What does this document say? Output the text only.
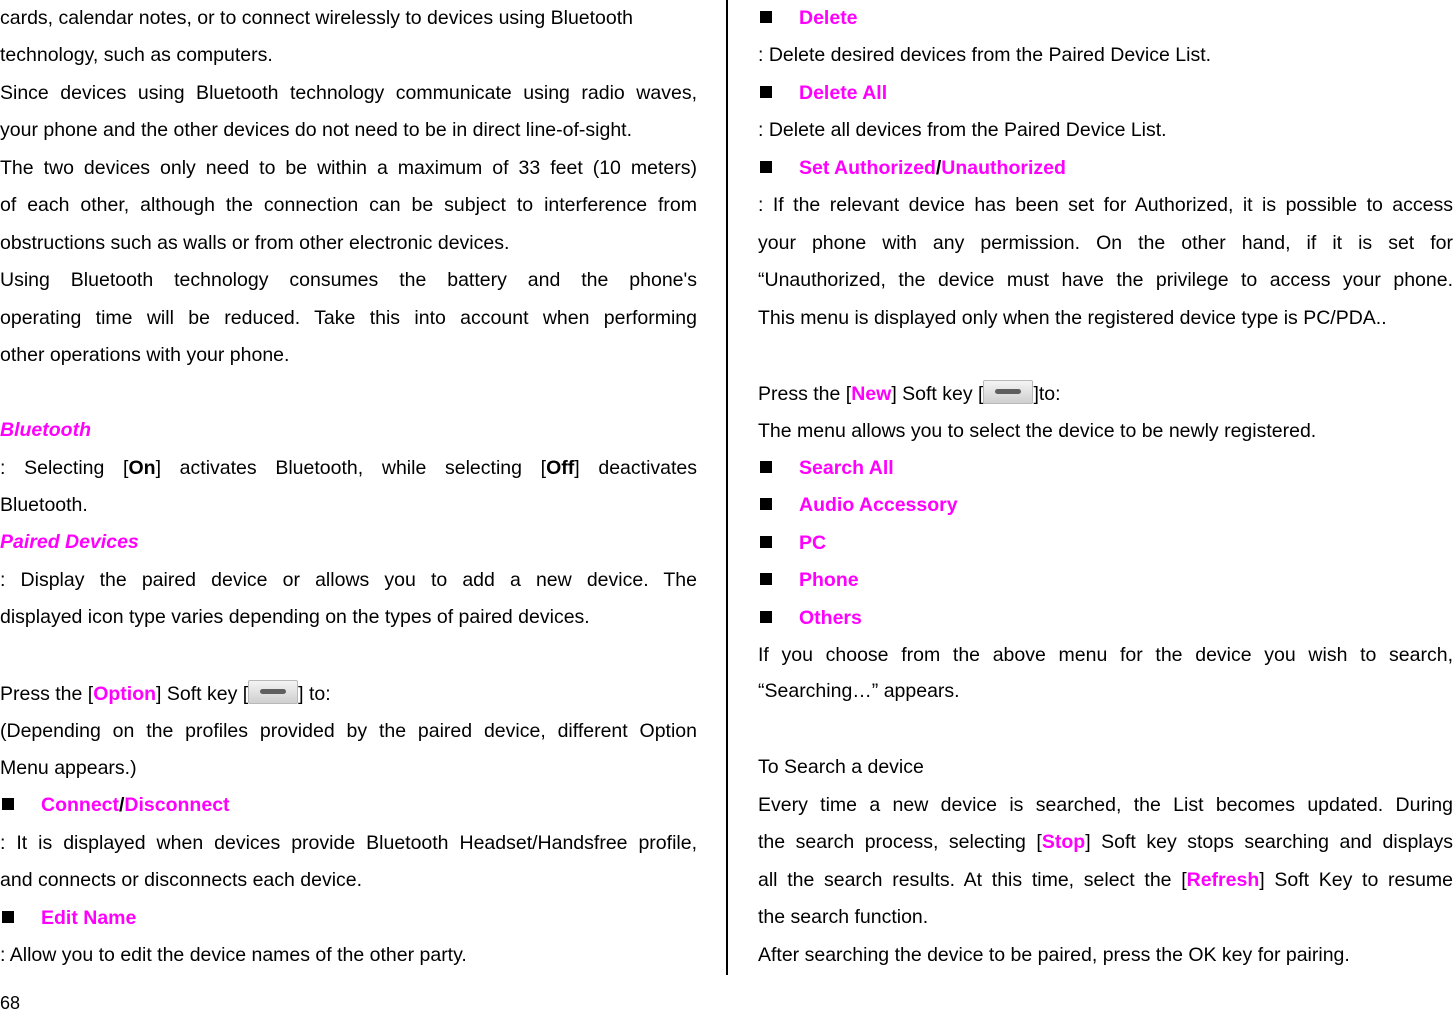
cards, calendar notes, or to connect wirelessly to devices using Bluetooth
technology, such as computers.
Since devices using Bluetooth technology communicate using radio waves,
your phone and the other devices do not need to be in direct line-of-sight.
The two devices only need to be within a maximum of 33 feet (10 meters)
of each other, although the connection can be subject to interference from
obstructions such as walls or from other electronic devices.
Using Bluetooth technology consumes the battery and the phone's
operating time will be reduced. Take this into account when performing
other operations with your phone.
Bluetooth
: Selecting [On] activates Bluetooth, while selecting [Off] deactivates
Bluetooth.
Paired Devices
: Display the paired device or allows you to add a new device. The
displayed icon type varies depending on the types of paired devices.
Press the [Option] Soft key [	] to:
(Depending on the profiles provided by the paired device, different Option
Menu appears.)
Connect/Disconnect
: It is displayed when devices provide Bluetooth Headset/Handsfree profile,
and connects or disconnects each device.
Edit Name
: Allow you to edit the device names of the other party.
Delete
: Delete desired devices from the Paired Device List.
Delete All
: Delete all devices from the Paired Device List.
Set Authorized/Unauthorized
: If the relevant device has been set for Authorized, it is possible to access
your phone with any permission. On the other hand, if it is set for
“Unauthorized, the device must have the privilege to access your phone.
This menu is displayed only when the registered device type is PC/PDA..
Press the [New] Soft key [	]to:
The menu allows you to select the device to be newly registered.
Search All
Audio Accessory
PC
Phone
Others
If you choose from the above menu for the device you wish to search,
“Searching…” appears.
To Search a device
Every time a new device is searched, the List becomes updated. During
the search process, selecting [Stop] Soft key stops searching and displays
all the search results. At this time, select the [Refresh] Soft Key to resume
the search function.
After searching the device to be paired, press the OK key for pairing.
68
